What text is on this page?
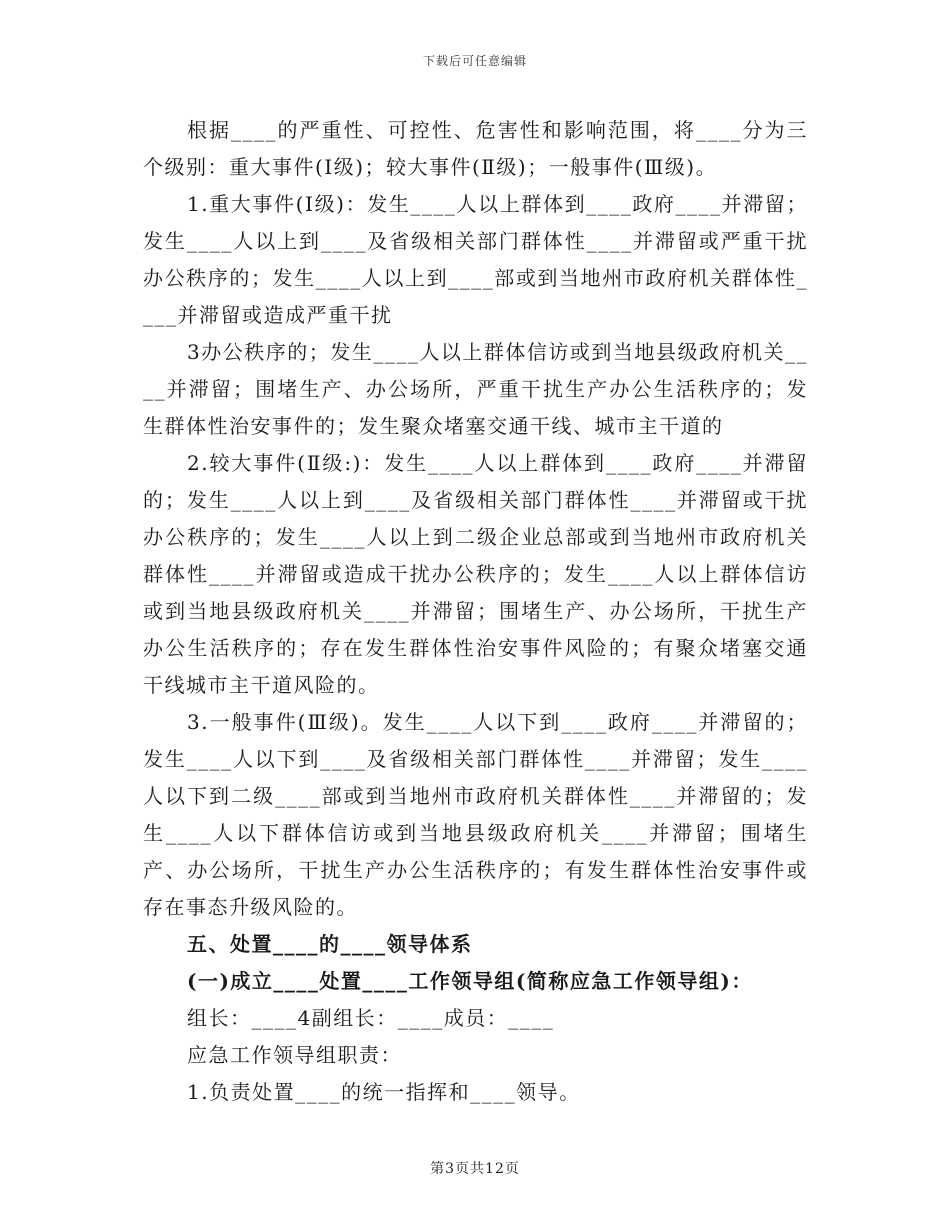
下载后可任意编辑

根据____的严重性、可控性、危害性和影响范围，将____分为三个级别：重大事件(Ⅰ级)；较大事件(Ⅱ级)；一般事件(Ⅲ级)。

1.重大事件(Ⅰ级)：发生____人以上群体到____政府____并滞留；发生____人以上到____及省级相关部门群体性____并滞留或严重干扰办公秩序的；发生____人以上到____部或到当地州市政府机关群体性____并滞留或造成严重干扰

3办公秩序的；发生____人以上群体信访或到当地县级政府机关____并滞留；围堵生产、办公场所，严重干扰生产办公生活秩序的；发生群体性治安事件的；发生聚众堵塞交通干线、城市主干道的

2.较大事件(Ⅱ级:)：发生____人以上群体到____政府____并滞留的；发生____人以上到____及省级相关部门群体性____并滞留或干扰办公秩序的；发生____人以上到二级企业总部或到当地州市政府机关群体性____并滞留或造成干扰办公秩序的；发生____人以上群体信访或到当地县级政府机关____并滞留；围堵生产、办公场所，干扰生产办公生活秩序的；存在发生群体性治安事件风险的；有聚众堵塞交通干线城市主干道风险的。

3.一般事件(Ⅲ级)。发生____人以下到____政府____并滞留的；发生____人以下到____及省级相关部门群体性____并滞留；发生____人以下到二级____部或到当地州市政府机关群体性____并滞留的；发生____人以下群体信访或到当地县级政府机关____并滞留；围堵生产、办公场所，干扰生产办公生活秩序的；有发生群体性治安事件或存在事态升级风险的。

五、处置____的____领导体系

(一)成立____处置____工作领导组(简称应急工作领导组)：

组长：____4副组长：____成员：____

应急工作领导组职责：

1.负责处置____的统一指挥和____领导。

第3页共12页
